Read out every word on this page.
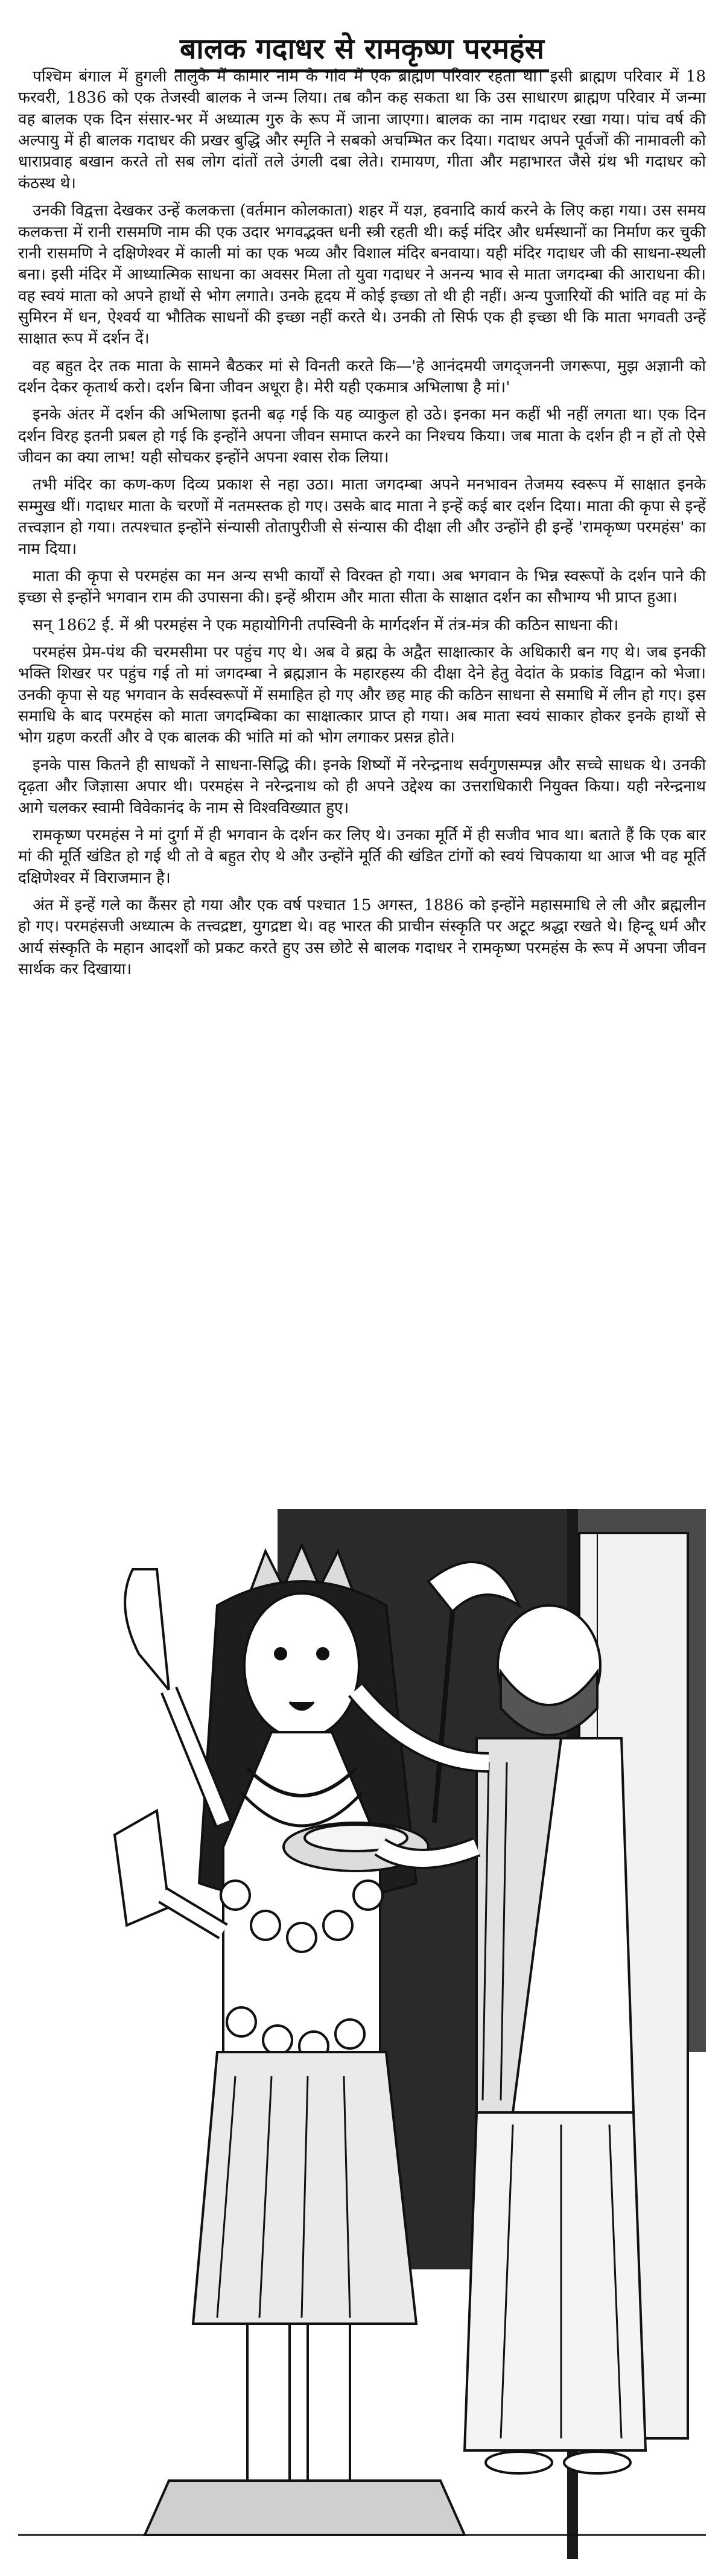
बालक गदाधर से रामकृष्ण परमहंस

पश्चिम बंगाल में हुगली तालुके में कामार नाम के गांव में एक ब्राह्मण परिवार रहता था। इसी ब्राह्मण परिवार में 18 फरवरी, 1836 को एक तेजस्वी बालक ने जन्म लिया। तब कौन कह सकता था कि उस साधारण ब्राह्मण परिवार में जन्मा वह बालक एक दिन संसार-भर में अध्यात्म गुरु के रूप में जाना जाएगा। बालक का नाम गदाधर रखा गया। पांच वर्ष की अल्पायु में ही बालक गदाधर की प्रखर बुद्धि और स्मृति ने सबको अचम्भित कर दिया। गदाधर अपने पूर्वजों की नामावली को धाराप्रवाह बखान करते तो सब लोग दांतों तले उंगली दबा लेते। रामायण, गीता और महाभारत जैसे ग्रंथ भी गदाधर को कंठस्थ थे।

उनकी विद्वत्ता देखकर उन्हें कलकत्ता (वर्तमान कोलकाता) शहर में यज्ञ, हवनादि कार्य करने के लिए कहा गया। उस समय कलकत्ता में रानी रासमणि नाम की एक उदार भगवद्भक्त धनी स्त्री रहती थी। कई मंदिर और धर्मस्थानों का निर्माण कर चुकी रानी रासमणि ने दक्षिणेश्वर में काली मां का एक भव्य और विशाल मंदिर बनवाया। यही मंदिर गदाधर जी की साधना-स्थली बना। इसी मंदिर में आध्यात्मिक साधना का अवसर मिला तो युवा गदाधर ने अनन्य भाव से माता जगदम्बा की आराधना की। वह स्वयं माता को अपने हाथों से भोग लगाते। उनके हृदय में कोई इच्छा तो थी ही नहीं। अन्य पुजारियों की भांति वह मां के सुमिरन में धन, ऐश्वर्य या भौतिक साधनों की इच्छा नहीं करते थे। उनकी तो सिर्फ एक ही इच्छा थी कि माता भगवती उन्हें साक्षात रूप में दर्शन दें।

वह बहुत देर तक माता के सामने बैठकर मां से विनती करते कि—'हे आनंदमयी जगद्जननी जगरूपा, मुझ अज्ञानी को दर्शन देकर कृतार्थ करो। दर्शन बिना जीवन अधूरा है। मेरी यही एकमात्र अभिलाषा है मां।'

इनके अंतर में दर्शन की अभिलाषा इतनी बढ़ गई कि यह व्याकुल हो उठे। इनका मन कहीं भी नहीं लगता था। एक दिन दर्शन विरह इतनी प्रबल हो गई कि इन्होंने अपना जीवन समाप्त करने का निश्चय किया। जब माता के दर्शन ही न हों तो ऐसे जीवन का क्या लाभ! यही सोचकर इन्होंने अपना श्वास रोक लिया।

तभी मंदिर का कण-कण दिव्य प्रकाश से नहा उठा। माता जगदम्बा अपने मनभावन तेजमय स्वरूप में साक्षात इनके सम्मुख थीं। गदाधर माता के चरणों में नतमस्तक हो गए। उसके बाद माता ने इन्हें कई बार दर्शन दिया। माता की कृपा से इन्हें तत्त्वज्ञान हो गया। तत्पश्चात इन्होंने संन्यासी तोतापुरीजी से संन्यास की दीक्षा ली और उन्होंने ही इन्हें 'रामकृष्ण परमहंस' का नाम दिया।

माता की कृपा से परमहंस का मन अन्य सभी कार्यों से विरक्त हो गया। अब भगवान के भिन्न स्वरूपों के दर्शन पाने की इच्छा से इन्होंने भगवान राम की उपासना की। इन्हें श्रीराम और माता सीता के साक्षात दर्शन का सौभाग्य भी प्राप्त हुआ।

सन् 1862 ई. में श्री परमहंस ने एक महायोगिनी तपस्विनी के मार्गदर्शन में तंत्र-मंत्र की कठिन साधना की।

परमहंस प्रेम-पंथ की चरमसीमा पर पहुंच गए थे। अब वे ब्रह्म के अद्वैत साक्षात्कार के अधिकारी बन गए थे। जब इनकी भक्ति शिखर पर पहुंच गई तो मां जगदम्बा ने ब्रह्मज्ञान के महारहस्य की दीक्षा देने हेतु वेदांत के प्रकांड विद्वान को भेजा। उनकी कृपा से यह भगवान के सर्वस्वरूपों में समाहित हो गए और छह माह की कठिन साधना से समाधि में लीन हो गए। इस समाधि के बाद परमहंस को माता जगदम्बिका का साक्षात्कार प्राप्त हो गया। अब माता स्वयं साकार होकर इनके हाथों से भोग ग्रहण करतीं और वे एक बालक की भांति मां को भोग लगाकर प्रसन्न होते।

इनके पास कितने ही साधकों ने साधना-सिद्धि की। इनके शिष्यों में नरेन्द्रनाथ सर्वगुणसम्पन्न और सच्चे साधक थे। उनकी दृढ़ता और जिज्ञासा अपार थी। परमहंस ने नरेन्द्रनाथ को ही अपने उद्देश्य का उत्तराधिकारी नियुक्त किया। यही नरेन्द्रनाथ आगे चलकर स्वामी विवेकानंद के नाम से विश्वविख्यात हुए।

रामकृष्ण परमहंस ने मां दुर्गा में ही भगवान के दर्शन कर लिए थे। उनका मूर्ति में ही सजीव भाव था। बताते हैं कि एक बार मां की मूर्ति खंडित हो गई थी तो वे बहुत रोए थे और उन्होंने मूर्ति की खंडित टांगों को स्वयं चिपकाया था आज भी वह मूर्ति दक्षिणेश्वर में विराजमान है।

अंत में इन्हें गले का कैंसर हो गया और एक वर्ष पश्चात 15 अगस्त, 1886 को इन्होंने महासमाधि ले ली और ब्रह्मलीन हो गए। परमहंसजी अध्यात्म के तत्त्वद्रष्टा, युगद्रष्टा थे। वह भारत की प्राचीन संस्कृति पर अटूट श्रद्धा रखते थे। हिन्दू धर्म और आर्य संस्कृति के महान आदर्शों को प्रकट करते हुए उस छोटे से बालक गदाधर ने रामकृष्ण परमहंस के रूप में अपना जीवन सार्थक कर दिखाया।
